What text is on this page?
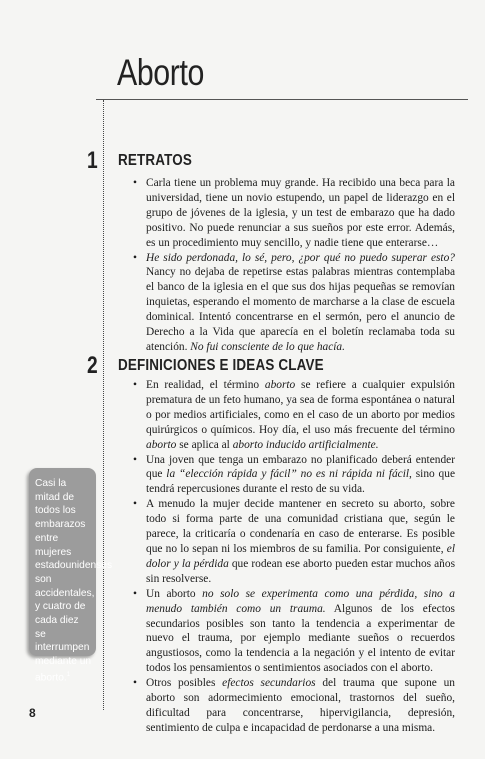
Aborto
1 RETRATOS
• Carla tiene un problema muy grande. Ha recibido una beca para la universidad, tiene un novio estupendo, un papel de liderazgo en el grupo de jóvenes de la iglesia, y un test de embarazo que ha dado positivo. No puede renunciar a sus sueños por este error. Además, es un procedimiento muy sencillo, y nadie tiene que enterarse…
• He sido perdonada, lo sé, pero, ¿por qué no puedo superar esto? Nancy no dejaba de repetirse estas palabras mientras contemplaba el banco de la iglesia en el que sus dos hijas pequeñas se removían inquietas, esperando el momento de marcharse a la clase de escuela dominical. Intentó concentrarse en el sermón, pero el anuncio de Derecho a la Vida que aparecía en el boletín reclamaba toda su atención. No fui consciente de lo que hacía.
2 DEFINICIONES E IDEAS CLAVE
• En realidad, el término aborto se refiere a cualquier expulsión prematura de un feto humano, ya sea de forma espontánea o natural o por medios artificiales, como en el caso de un aborto por medios quirúrgicos o químicos. Hoy día, el uso más frecuente del término aborto se aplica al aborto inducido artificialmente.
• Una joven que tenga un embarazo no planificado deberá entender que la “elección rápida y fácil” no es ni rápida ni fácil, sino que tendrá repercusiones durante el resto de su vida.
• A menudo la mujer decide mantener en secreto su aborto, sobre todo si forma parte de una comunidad cristiana que, según le parece, la criticaría o condenaría en caso de enterarse. Es posible que no lo sepan ni los miembros de su familia. Por consiguiente, el dolor y la pérdida que rodean ese aborto pueden estar muchos años sin resolverse.
• Un aborto no solo se experimenta como una pérdida, sino a menudo también como un trauma. Algunos de los efectos secundarios posibles son tanto la tendencia a experimentar de nuevo el trauma, por ejemplo mediante sueños o recuerdos angustiosos, como la tendencia a la negación y el intento de evitar todos los pensamientos o sentimientos asociados con el aborto.
• Otros posibles efectos secundarios del trauma que supone un aborto son adormecimiento emocional, trastornos del sueño, dificultad para concentrarse, hipervigilancia, depresión, sentimiento de culpa e incapacidad de perdonarse a una misma.
Casi la mitad de todos los embarazos entre mujeres estadounidenses son accidentales, y cuatro de cada diez se interrumpen mediante un aborto.$^1$
8
